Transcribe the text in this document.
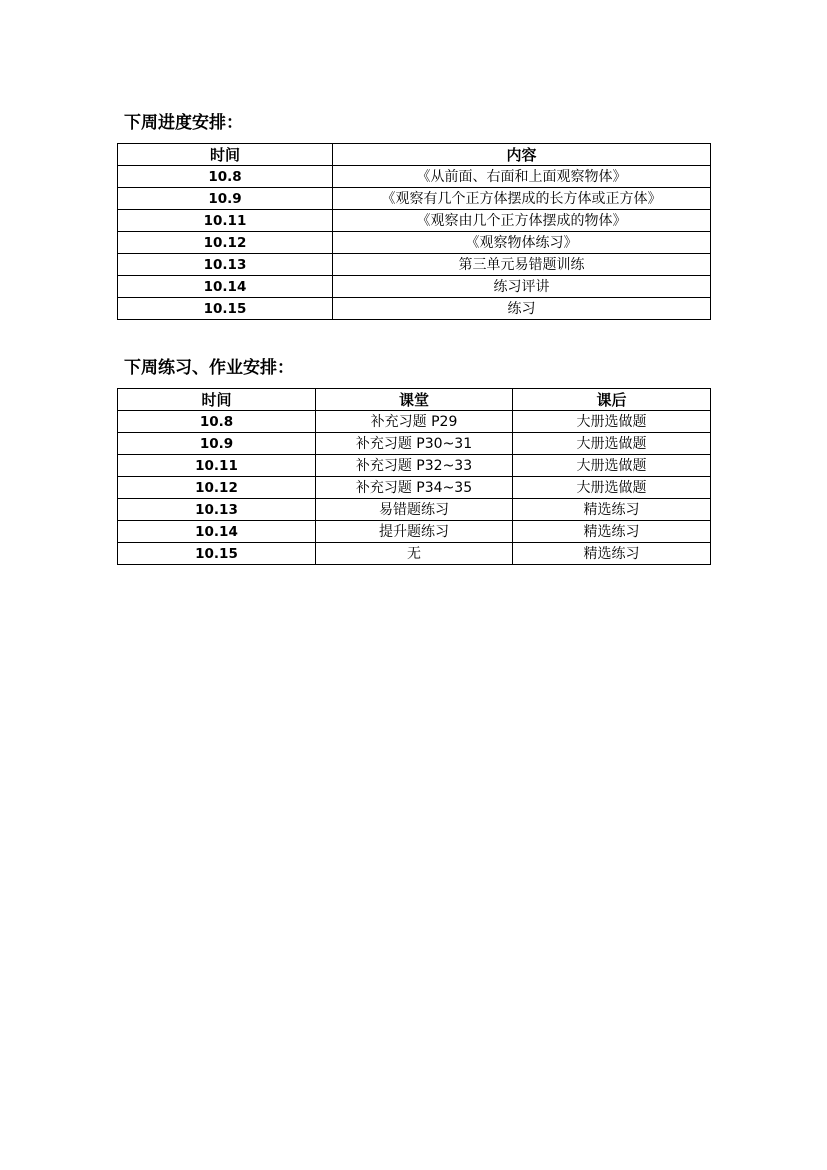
下周进度安排：
时间	内容
10.8	《从前面、右面和上面观察物体》
10.9	《观察有几个正方体摆成的长方体或正方体》
10.11	《观察由几个正方体摆成的物体》
10.12	《观察物体练习》
10.13	第三单元易错题训练
10.14	练习评讲
10.15	练习
下周练习、作业安排：
时间	课堂	课后
10.8	补充习题 P29	大册选做题
10.9	补充习题 P30~31	大册选做题
10.11	补充习题 P32~33	大册选做题
10.12	补充习题 P34~35	大册选做题
10.13	易错题练习	精选练习
10.14	提升题练习	精选练习
10.15	无	精选练习
